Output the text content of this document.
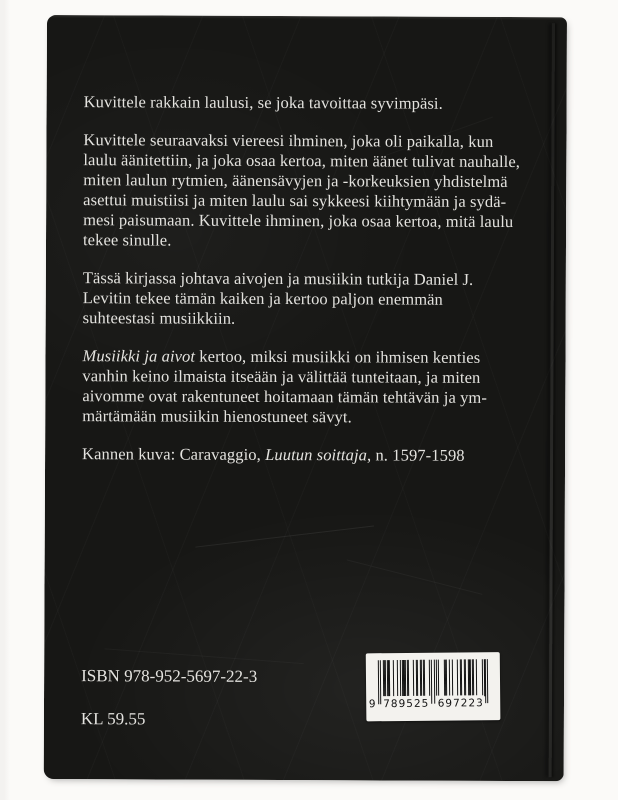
Kuvittele rakkain laulusi, se joka tavoittaa syvimpäsi.
Kuvittele seuraavaksi viereesi ihminen, joka oli paikalla, kun
laulu äänitettiin, ja joka osaa kertoa, miten äänet tulivat nauhalle,
miten laulun rytmien, äänensävyjen ja -korkeuksien yhdistelmä
asettui muistiisi ja miten laulu sai sykkeesi kiihtymään ja sydä-
mesi paisumaan. Kuvittele ihminen, joka osaa kertoa, mitä laulu
tekee sinulle.
Tässä kirjassa johtava aivojen ja musiikin tutkija Daniel J.
Levitin tekee tämän kaiken ja kertoo paljon enemmän
suhteestasi musiikkiin.
Musiikki ja aivot kertoo, miksi musiikki on ihmisen kenties
vanhin keino ilmaista itseään ja välittää tunteitaan, ja miten
aivomme ovat rakentuneet hoitamaan tämän tehtävän ja ym-
märtämään musiikin hienostuneet sävyt.
Kannen kuva: Caravaggio, Luutun soittaja, n. 1597-1598
ISBN 978-952-5697-22-3
KL 59.55
9 789525 697223
